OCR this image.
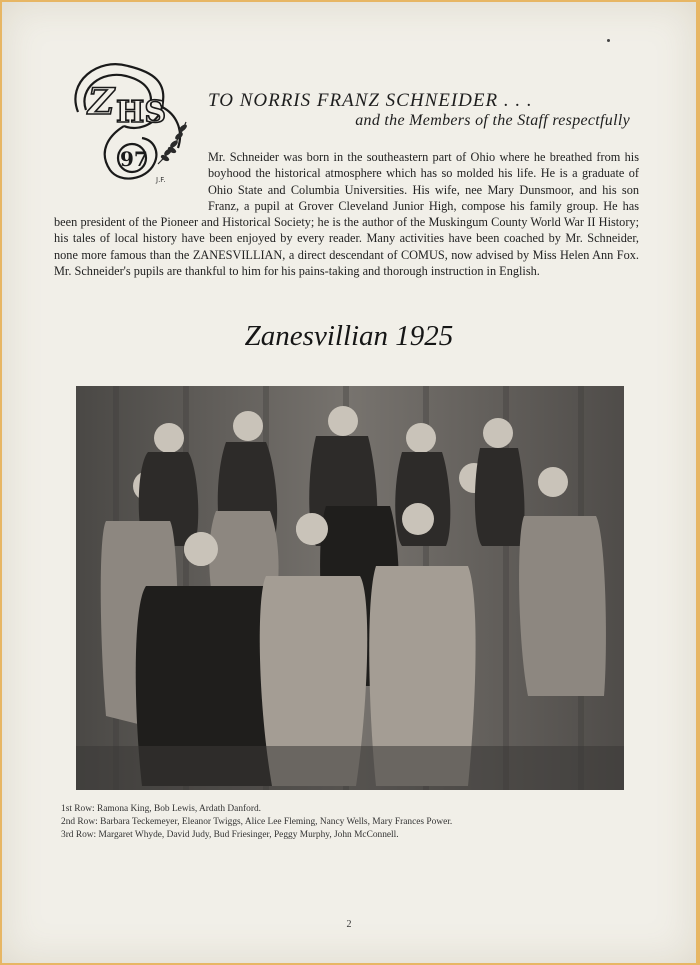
Z HS
97
J.F.
TO NORRIS FRANZ SCHNEIDER . . .
and the Members of the Staff respectfully

Mr. Schneider was born in the southeastern part of Ohio where he breathed from his boyhood the historical atmosphere which has so molded his life. He is a graduate of Ohio State and Columbia Universities. His wife, nee Mary Dunsmoor, and his son Franz, a pupil at Grover Cleveland Junior High, compose his family group. He has been president of the Pioneer and Historical Society; he is the author of the Muskingum County World War II History; his tales of local history have been enjoyed by every reader. Many activities have been coached by Mr. Schneider, none more famous than the ZANESVILLIAN, a direct descendant of COMUS, now advised by Miss Helen Ann Fox. Mr. Schneider's pupils are thankful to him for his pains-taking and thorough instruction in English.

Zanesvillian 1925
1st Row: Ramona King, Bob Lewis, Ardath Danford.
2nd Row: Barbara Teckemeyer, Eleanor Twiggs, Alice Lee Fleming, Nancy Wells, Mary Frances Power.
3rd Row: Margaret Whyde, David Judy, Bud Friesinger, Peggy Murphy, John McConnell.
2
